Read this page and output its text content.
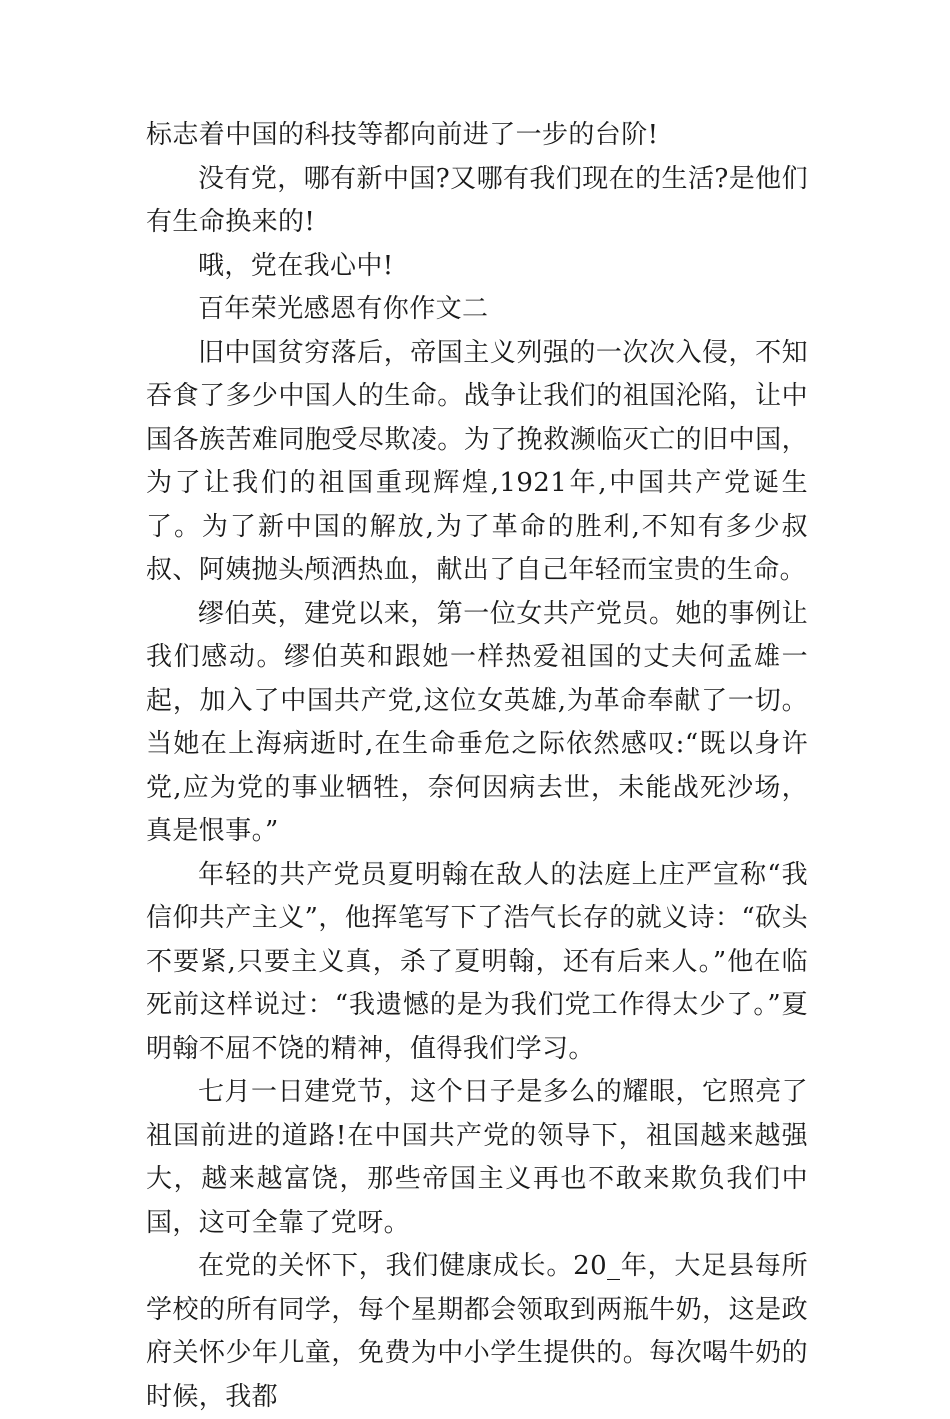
标志着中国的科技等都向前进了一步的台阶!

没有党，哪有新中国?又哪有我们现在的生活?是他们有生命换来的!

哦，党在我心中!

百年荣光感恩有你作文二

旧中国贫穷落后，帝国主义列强的一次次入侵，不知吞食了多少中国人的生命。战争让我们的祖国沦陷，让中国各族苦难同胞受尽欺凌。为了挽救濒临灭亡的旧中国，为了让我们的祖国重现辉煌,1921年,中国共产党诞生了。为了新中国的解放,为了革命的胜利,不知有多少叔叔、阿姨抛头颅洒热血，献出了自己年轻而宝贵的生命。

缪伯英，建党以来，第一位女共产党员。她的事例让我们感动。缪伯英和跟她一样热爱祖国的丈夫何孟雄一起，加入了中国共产党,这位女英雄,为革命奉献了一切。当她在上海病逝时,在生命垂危之际依然感叹:“既以身许党,应为党的事业牺牲，奈何因病去世，未能战死沙场，真是恨事。”

年轻的共产党员夏明翰在敌人的法庭上庄严宣称“我信仰共产主义”，他挥笔写下了浩气长存的就义诗：“砍头不要紧,只要主义真，杀了夏明翰，还有后来人。”他在临死前这样说过：“我遗憾的是为我们党工作得太少了。”夏明翰不屈不饶的精神，值得我们学习。

七月一日建党节，这个日子是多么的耀眼，它照亮了祖国前进的道路!在中国共产党的领导下，祖国越来越强大，越来越富饶，那些帝国主义再也不敢来欺负我们中国，这可全靠了党呀。

在党的关怀下，我们健康成长。20_年，大足县每所学校的所有同学，每个星期都会领取到两瓶牛奶，这是政府关怀少年儿童，免费为中小学生提供的。每次喝牛奶的时候，我都
